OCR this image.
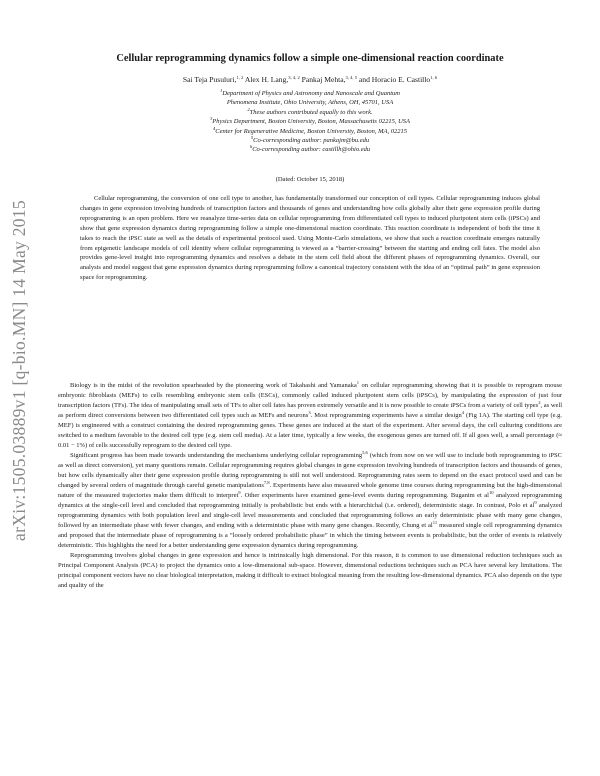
arXiv:1505.03889v1 [q-bio.MN] 14 May 2015
Cellular reprogramming dynamics follow a simple one-dimensional reaction coordinate
Sai Teja Pusuluri,$^{1, 2}$ Alex H. Lang,$^{3, 4, 2}$ Pankaj Mehta,$^{3, 4, 5}$ and Horacio E. Castillo$^{1, 6}$
$^1$Department of Physics and Astronomy and Nanoscale and Quantum
Phenomena Institute, Ohio University, Athens, OH, 45701, USA
$^2$These authors contributed equally to this work.
$^3$Physics Department, Boston University, Boston, Massachusetts 02215, USA
$^4$Center for Regenerative Medicine, Boston University, Boston, MA, 02215
$^5$Co-corresponding author: pankajm@bu.edu
$^6$Co-corresponding author: castillh@ohio.edu
(Dated: October 15, 2018)
Cellular reprogramming, the conversion of one cell type to another, has fundamentally transformed our conception of cell types. Cellular reprogramming induces global changes in gene expression involving hundreds of transcription factors and thousands of genes and understanding how cells globally alter their gene expression profile during reprogramming is an open problem. Here we reanalyze time-series data on cellular reprogramming from differentiated cell types to induced pluripotent stem cells (iPSCs) and show that gene expression dynamics during reprogramming follow a simple one-dimensional reaction coordinate. This reaction coordinate is independent of both the time it takes to reach the iPSC state as well as the details of experimental protocol used. Using Monte-Carlo simulations, we show that such a reaction coordinate emerges naturally from epigenetic landscape models of cell identity where cellular reprogramming is viewed as a “barrier-crossing” between the starting and ending cell fates. The model also provides gene-level insight into reprogramming dynamics and resolves a debate in the stem cell field about the different phases of reprogramming dynamics. Overall, our analysis and model suggest that gene expression dynamics during reprogramming follow a canonical trajectory consistent with the idea of an “optimal path” in gene expression space for reprogramming.

Biology is in the midst of the revolution spearheaded by the pioneering work of Takahashi and Yamanaka$^1$ on cellular reprogramming showing that it is possible to reprogram mouse embryonic fibroblasts (MEFs) to cells resembling embryonic stem cells (ESCs), commonly called induced pluripotent stem cells (iPSCs), by manipulating the expression of just four transcription factors (TFs). The idea of manipulating small sets of TFs to alter cell fates has proven extremely versatile and it is now possible to create iPSCs from a variety of cell types$^2$, as well as perform direct conversions between two differentiated cell types such as MEFs and neurons$^3$. Most reprogramming experiments have a similar design$^4$ (Fig 1A). The starting cell type (e.g. MEF) is engineered with a construct containing the desired reprogramming genes. These genes are induced at the start of the experiment. After several days, the cell culturing conditions are switched to a medium favorable to the desired cell type (e.g. stem cell media). At a later time, typically a few weeks, the exogenous genes are turned off. If all goes well, a small percentage (≈ 0.01 − 1%) of cells successfully reprogram to the desired cell type.

Significant progress has been made towards understanding the mechanisms underlying cellular reprogramming$^{5,6}$ (which from now on we will use to include both reprogramming to iPSC as well as direct conversion), yet many questions remain. Cellular reprogramming requires global changes in gene expression involving hundreds of transcription factors and thousands of genes, but how cells dynamically alter their gene expression profile during reprogramming is still not well understood. Reprogramming rates seem to depend on the exact protocol used and can be changed by several orders of magnitude through careful genetic manipulations$^{7,8}$. Experiments have also measured whole genome time courses during reprogramming but the high-dimensional nature of the measured trajectories make them difficult to interpret$^9$. Other experiments have examined gene-level events during reprogramming. Buganim et $al^{10}$ analyzed reprogramming dynamics at the single-cell level and concluded that reprogramming initially is probabilistic but ends with a hierarchichal (i.e. ordered), deterministic stage. In contrast, Polo et $al^9$ analyzed reprogramming dynamics with both population level and single-cell level measurements and concluded that reprogramming follows an early deterministic phase with many gene changes, followed by an intermediate phase with fewer changes, and ending with a deterministic phase with many gene changes. Recently, Chung et $al^{11}$ measured single cell reprogramming dynamics and proposed that the intermediate phase of reprogramming is a “loosely ordered probabilistic phase” in which the timing between events is probabilistic, but the order of events is relatively deterministic. This highlights the need for a better understanding gene expression dynamics during reprogramming.

Reprogramming involves global changes in gene expression and hence is intrinsically high dimensional. For this reason, it is common to use dimensional reduction techniques such as Principal Component Analysis (PCA) to project the dynamics onto a low-dimensional sub-space. However, dimensional reductions techniques such as PCA have several key limitations. The principal component vectors have no clear biological interpretation, making it difficult to extract biological meaning from the resulting low-dimensional dynamics. PCA also depends on the type and quality of the
